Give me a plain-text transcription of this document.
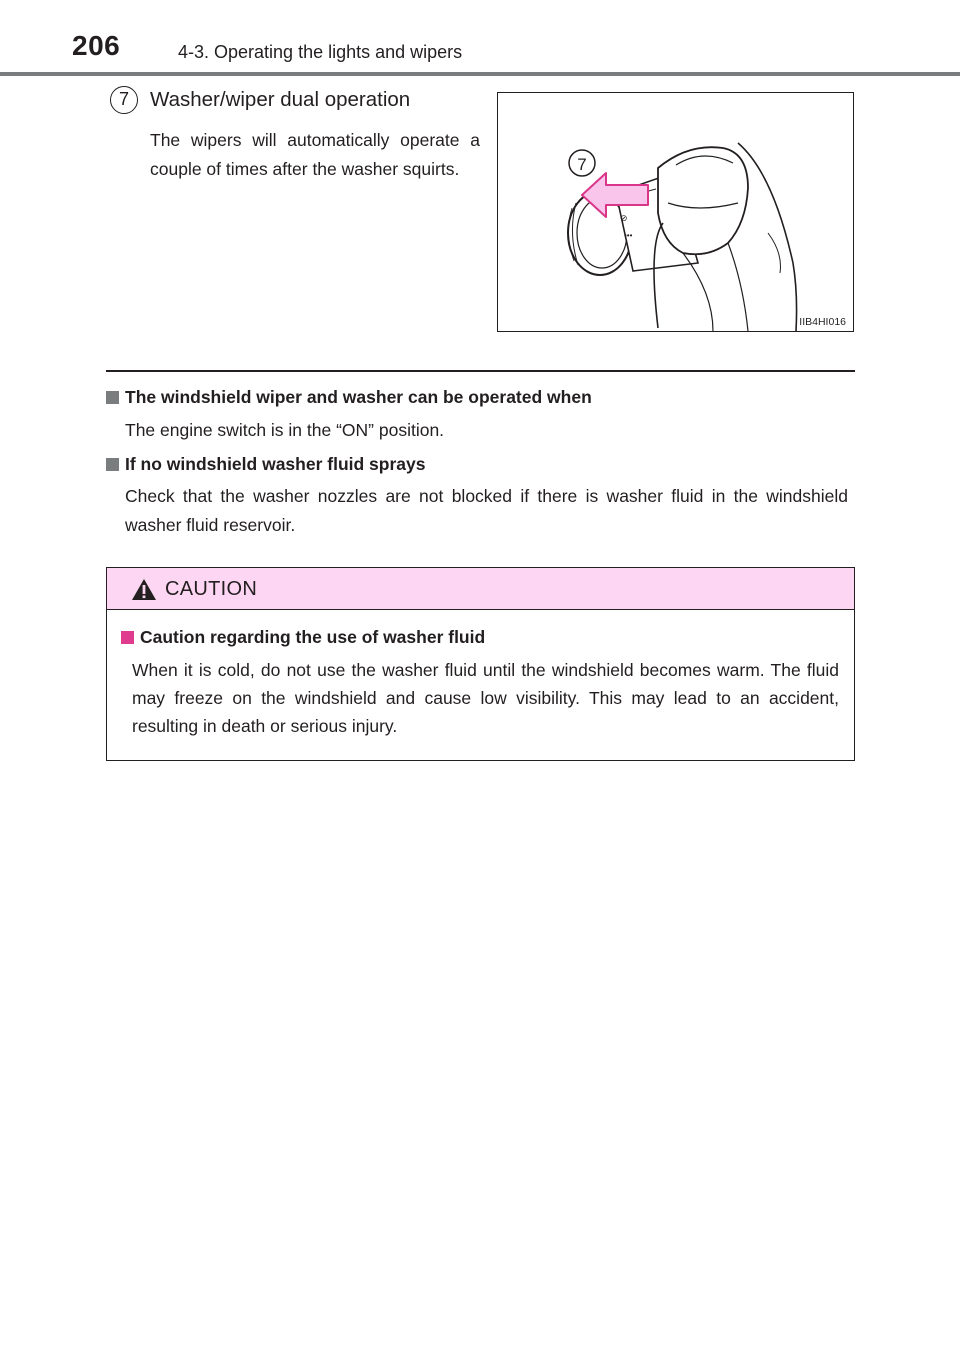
206	4-3. Operating the lights and wipers
7	Washer/wiper dual operation
The wipers will automatically operate a couple of times after the washer squirts.
⊘
•••
7
IIB4HI016
The windshield wiper and washer can be operated when
The engine switch is in the “ON” position.
If no windshield washer fluid sprays
Check that the washer nozzles are not blocked if there is washer fluid in the windshield washer fluid reservoir.
CAUTION
Caution regarding the use of washer fluid
When it is cold, do not use the washer fluid until the windshield becomes warm. The fluid may freeze on the windshield and cause low visibility. This may lead to an accident, resulting in death or serious injury.
